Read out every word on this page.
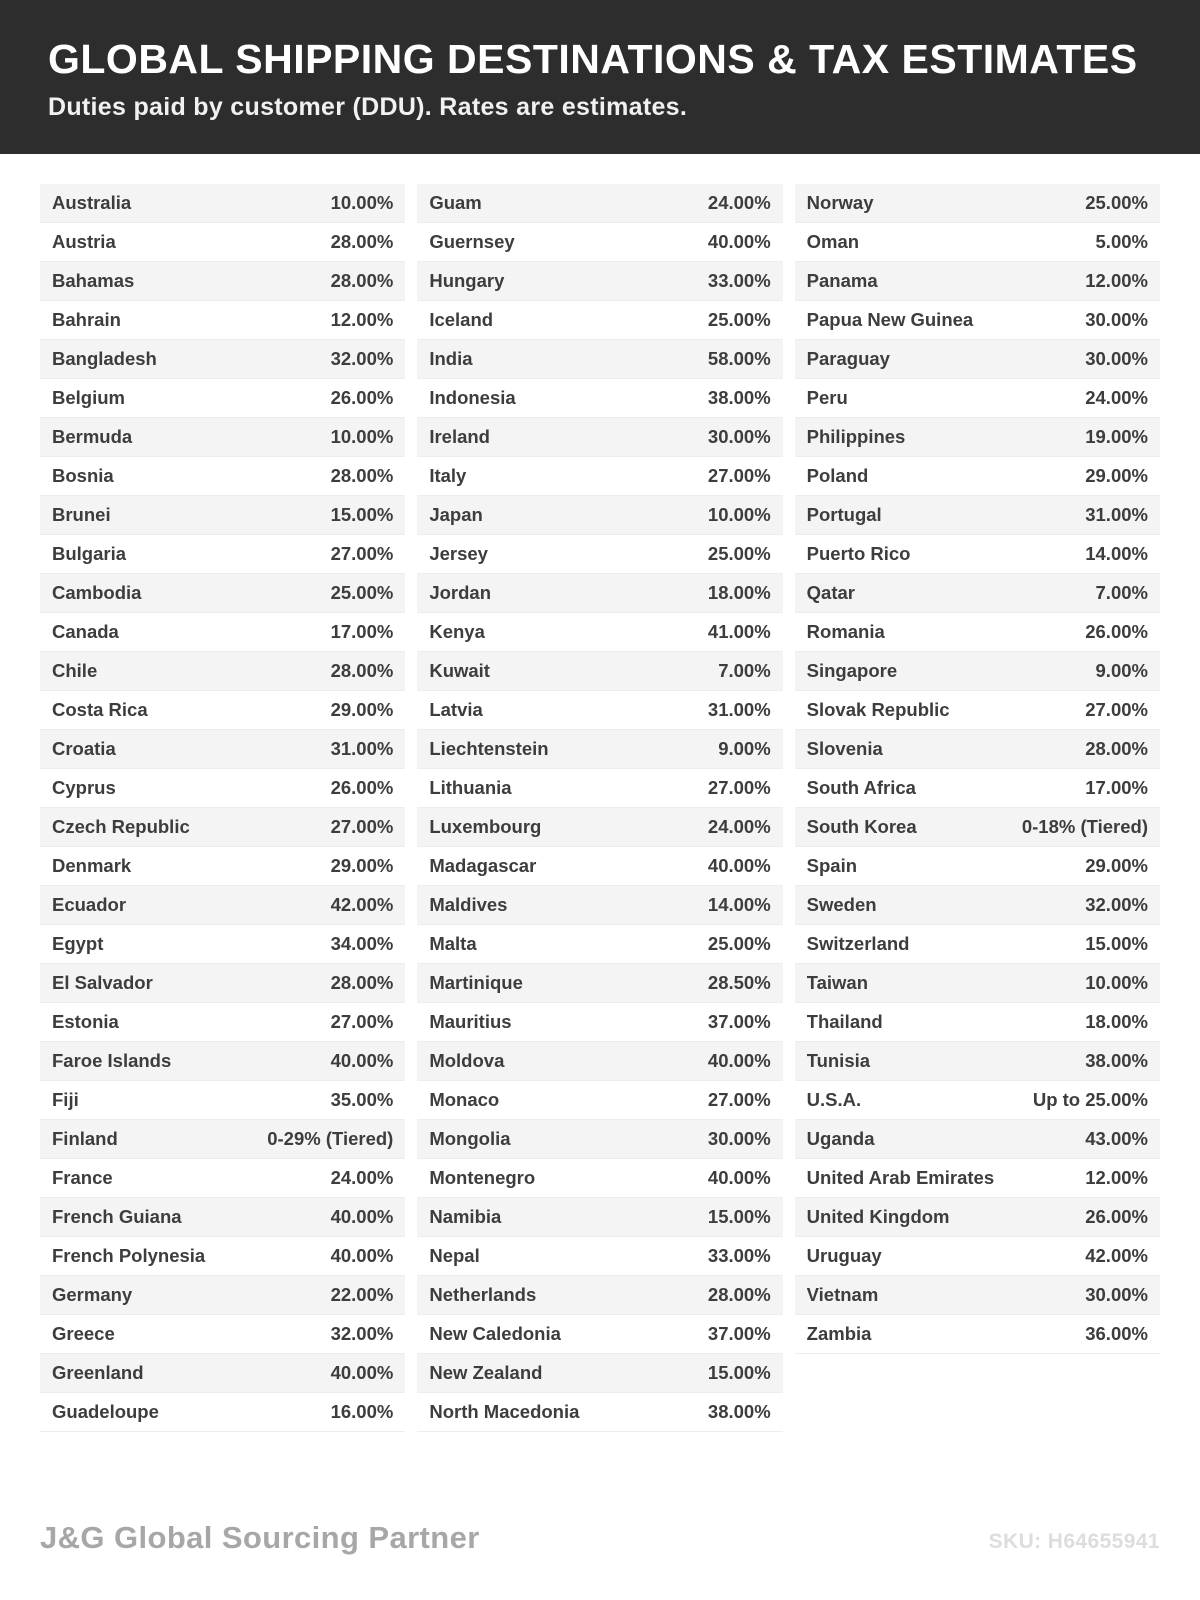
GLOBAL SHIPPING DESTINATIONS & TAX ESTIMATES

Duties paid by customer (DDU). Rates are estimates.

Australia	10.00%
Austria	28.00%
Bahamas	28.00%
Bahrain	12.00%
Bangladesh	32.00%
Belgium	26.00%
Bermuda	10.00%
Bosnia	28.00%
Brunei	15.00%
Bulgaria	27.00%
Cambodia	25.00%
Canada	17.00%
Chile	28.00%
Costa Rica	29.00%
Croatia	31.00%
Cyprus	26.00%
Czech Republic	27.00%
Denmark	29.00%
Ecuador	42.00%
Egypt	34.00%
El Salvador	28.00%
Estonia	27.00%
Faroe Islands	40.00%
Fiji	35.00%
Finland	0-29% (Tiered)
France	24.00%
French Guiana	40.00%
French Polynesia	40.00%
Germany	22.00%
Greece	32.00%
Greenland	40.00%
Guadeloupe	16.00%
Guam	24.00%
Guernsey	40.00%
Hungary	33.00%
Iceland	25.00%
India	58.00%
Indonesia	38.00%
Ireland	30.00%
Italy	27.00%
Japan	10.00%
Jersey	25.00%
Jordan	18.00%
Kenya	41.00%
Kuwait	7.00%
Latvia	31.00%
Liechtenstein	9.00%
Lithuania	27.00%
Luxembourg	24.00%
Madagascar	40.00%
Maldives	14.00%
Malta	25.00%
Martinique	28.50%
Mauritius	37.00%
Moldova	40.00%
Monaco	27.00%
Mongolia	30.00%
Montenegro	40.00%
Namibia	15.00%
Nepal	33.00%
Netherlands	28.00%
New Caledonia	37.00%
New Zealand	15.00%
North Macedonia	38.00%
Norway	25.00%
Oman	5.00%
Panama	12.00%
Papua New Guinea	30.00%
Paraguay	30.00%
Peru	24.00%
Philippines	19.00%
Poland	29.00%
Portugal	31.00%
Puerto Rico	14.00%
Qatar	7.00%
Romania	26.00%
Singapore	9.00%
Slovak Republic	27.00%
Slovenia	28.00%
South Africa	17.00%
South Korea	0-18% (Tiered)
Spain	29.00%
Sweden	32.00%
Switzerland	15.00%
Taiwan	10.00%
Thailand	18.00%
Tunisia	38.00%
U.S.A.	Up to 25.00%
Uganda	43.00%
United Arab Emirates	12.00%
United Kingdom	26.00%
Uruguay	42.00%
Vietnam	30.00%
Zambia	36.00%
J&G Global Sourcing Partner	SKU: H64655941
